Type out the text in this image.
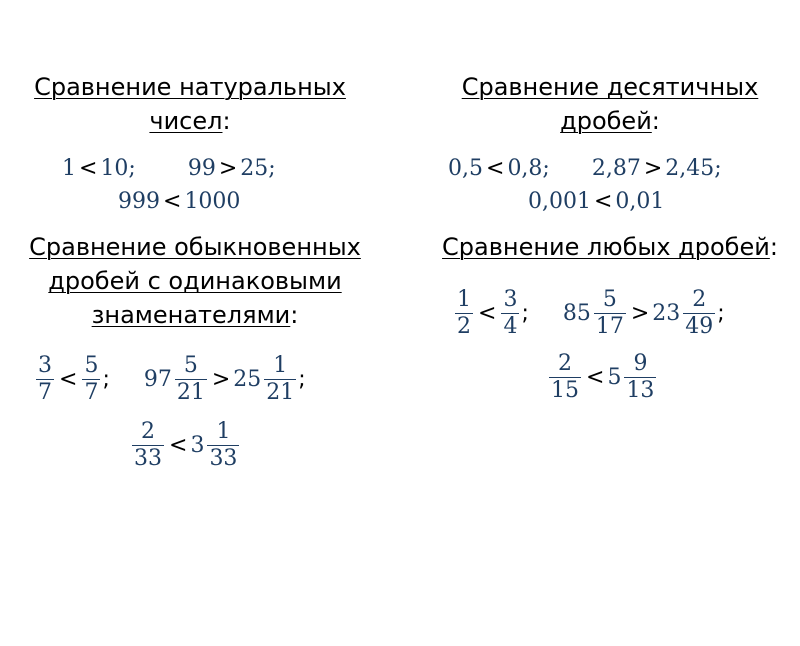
Сравнение натуральных
чисел:
1 < 10; 99 > 25;
999 < 1000
Сравнение десятичных
дробей:
0,5 < 0,8; 2,87 > 2,45;
0,001 < 0,01
Сравнение обыкновенных
дробей с одинаковыми
знаменателями:
$\frac{3}{7} < \frac{5}{7}$ ; $97 \frac{5}{21} > 25 \frac{1}{21}$ ;
$\frac{2}{33} < 3 \frac{1}{33}$
Сравнение любых дробей:
$\frac{1}{2} < \frac{3}{4}$ ; $85 \frac{5}{17} > 23 \frac{2}{49}$ ;
$\frac{2}{15} < 5 \frac{9}{13}$
